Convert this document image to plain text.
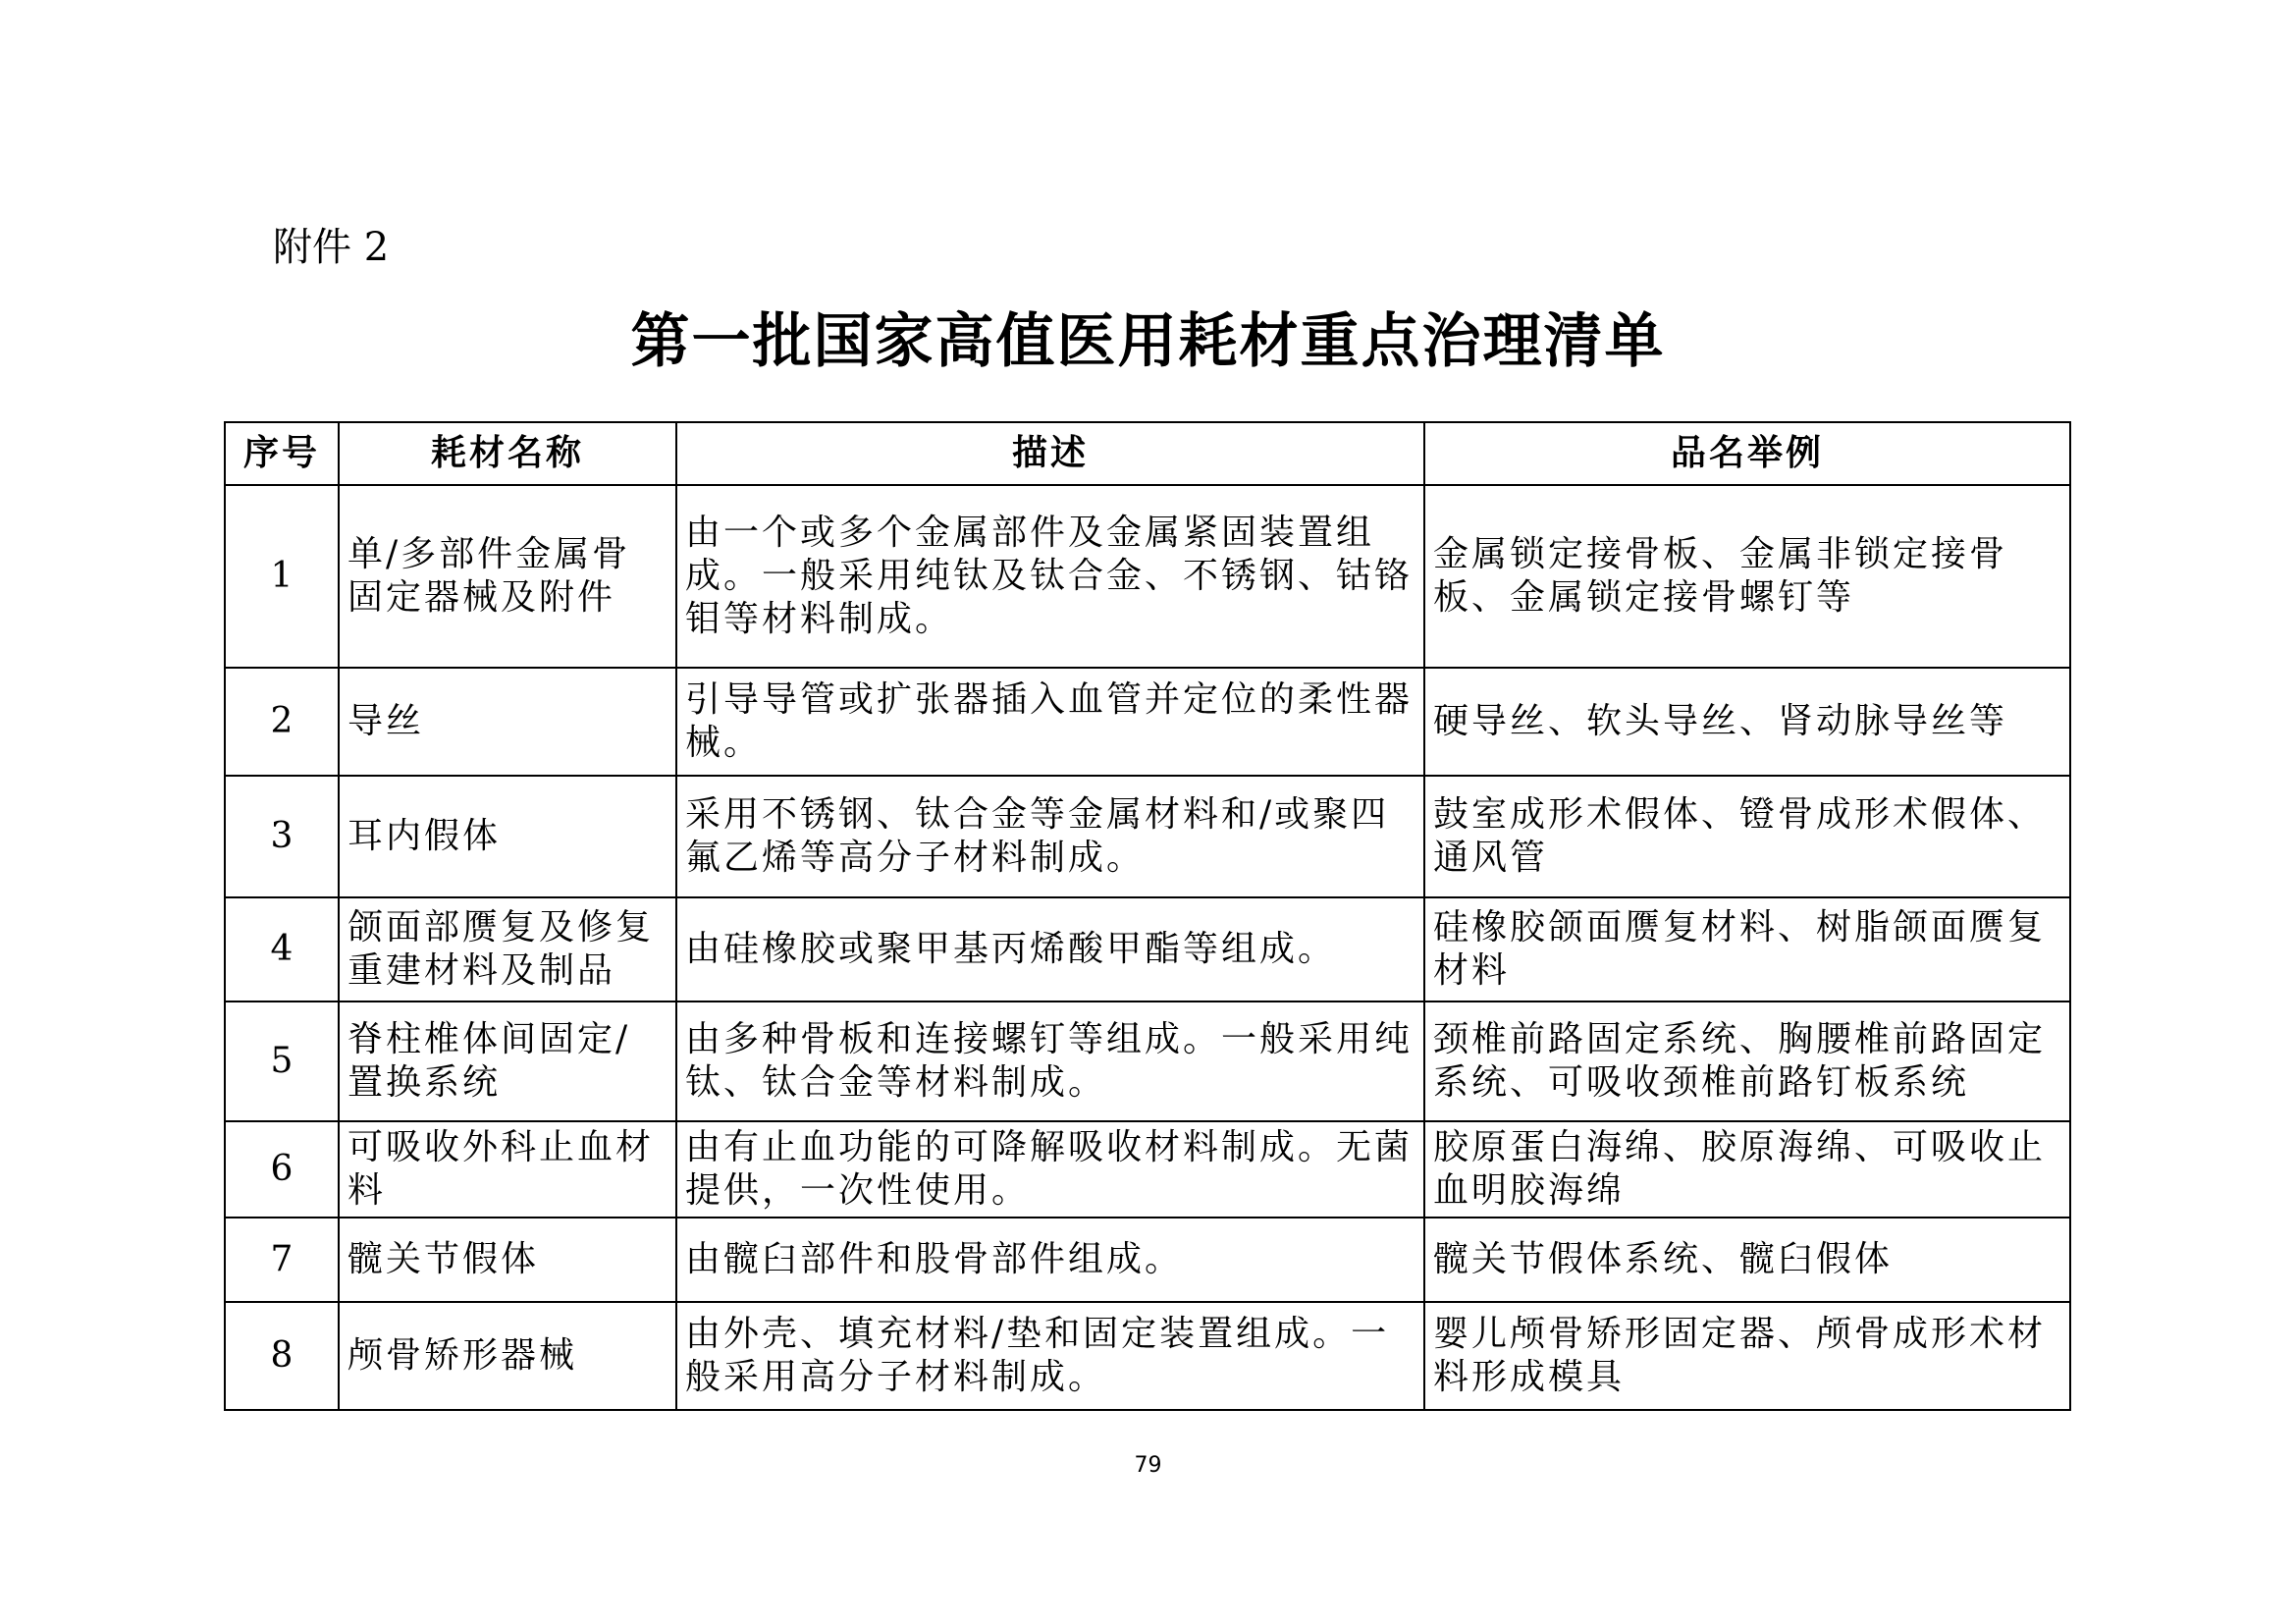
附件 2
第一批国家高值医用耗材重点治理清单
序号	耗材名称	描述	品名举例
1	单/多部件金属骨固定器械及附件	由一个或多个金属部件及金属紧固装置组成。一般采用纯钛及钛合金、不锈钢、钴铬钼等材料制成。	金属锁定接骨板、金属非锁定接骨板、金属锁定接骨螺钉等
2	导丝	引导导管或扩张器插入血管并定位的柔性器械。	硬导丝、软头导丝、肾动脉导丝等
3	耳内假体	采用不锈钢、钛合金等金属材料和/或聚四氟乙烯等高分子材料制成。	鼓室成形术假体、镫骨成形术假体、通风管
4	颌面部赝复及修复重建材料及制品	由硅橡胶或聚甲基丙烯酸甲酯等组成。	硅橡胶颌面赝复材料、树脂颌面赝复材料
5	脊柱椎体间固定/置换系统	由多种骨板和连接螺钉等组成。一般采用纯钛、钛合金等材料制成。	颈椎前路固定系统、胸腰椎前路固定系统、可吸收颈椎前路钉板系统
6	可吸收外科止血材料	由有止血功能的可降解吸收材料制成。无菌提供，一次性使用。	胶原蛋白海绵、胶原海绵、可吸收止血明胶海绵
7	髋关节假体	由髋臼部件和股骨部件组成。	髋关节假体系统、髋臼假体
8	颅骨矫形器械	由外壳、填充材料/垫和固定装置组成。一般采用高分子材料制成。	婴儿颅骨矫形固定器、颅骨成形术材料形成模具
79
